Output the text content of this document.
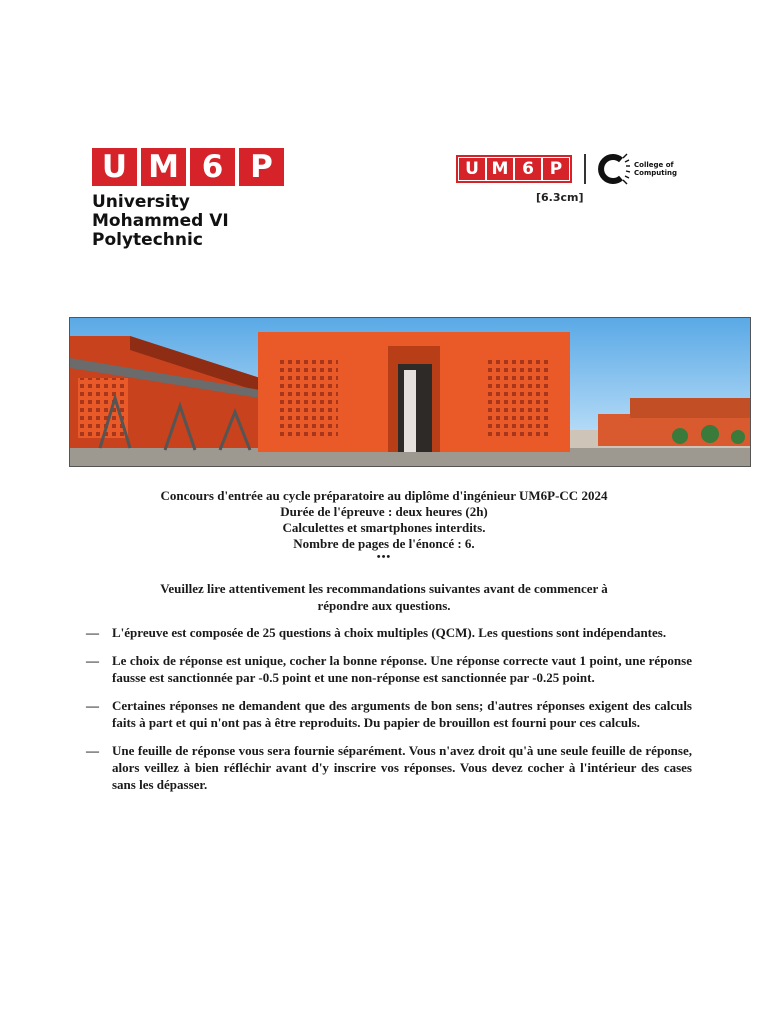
U M 6 P
University
Mohammed VI
Polytechnic
U M 6 P	College of
Computing
[6.3cm]
Concours d'entrée au cycle préparatoire au diplôme d'ingénieur UM6P-CC 2024
Durée de l'épreuve : deux heures (2h)
Calculettes et smartphones interdits.
Nombre de pages de l'énoncé : 6.
•••
Veuillez lire attentivement les recommandations suivantes avant de commencer à
répondre aux questions.
— L'épreuve est composée de 25 questions à choix multiples (QCM). Les questions sont indépendantes.
— Le choix de réponse est unique, cocher la bonne réponse. Une réponse correcte vaut 1 point, une réponse fausse est sanctionnée par -0.5 point et une non-réponse est sanctionnée par -0.25 point.
— Certaines réponses ne demandent que des arguments de bon sens; d'autres réponses exigent des calculs faits à part et qui n'ont pas à être reproduits. Du papier de brouillon est fourni pour ces calculs.
— Une feuille de réponse vous sera fournie séparément. Vous n'avez droit qu'à une seule feuille de réponse, alors veillez à bien réfléchir avant d'y inscrire vos réponses. Vous devez cocher à l'intérieur des cases sans les dépasser.
